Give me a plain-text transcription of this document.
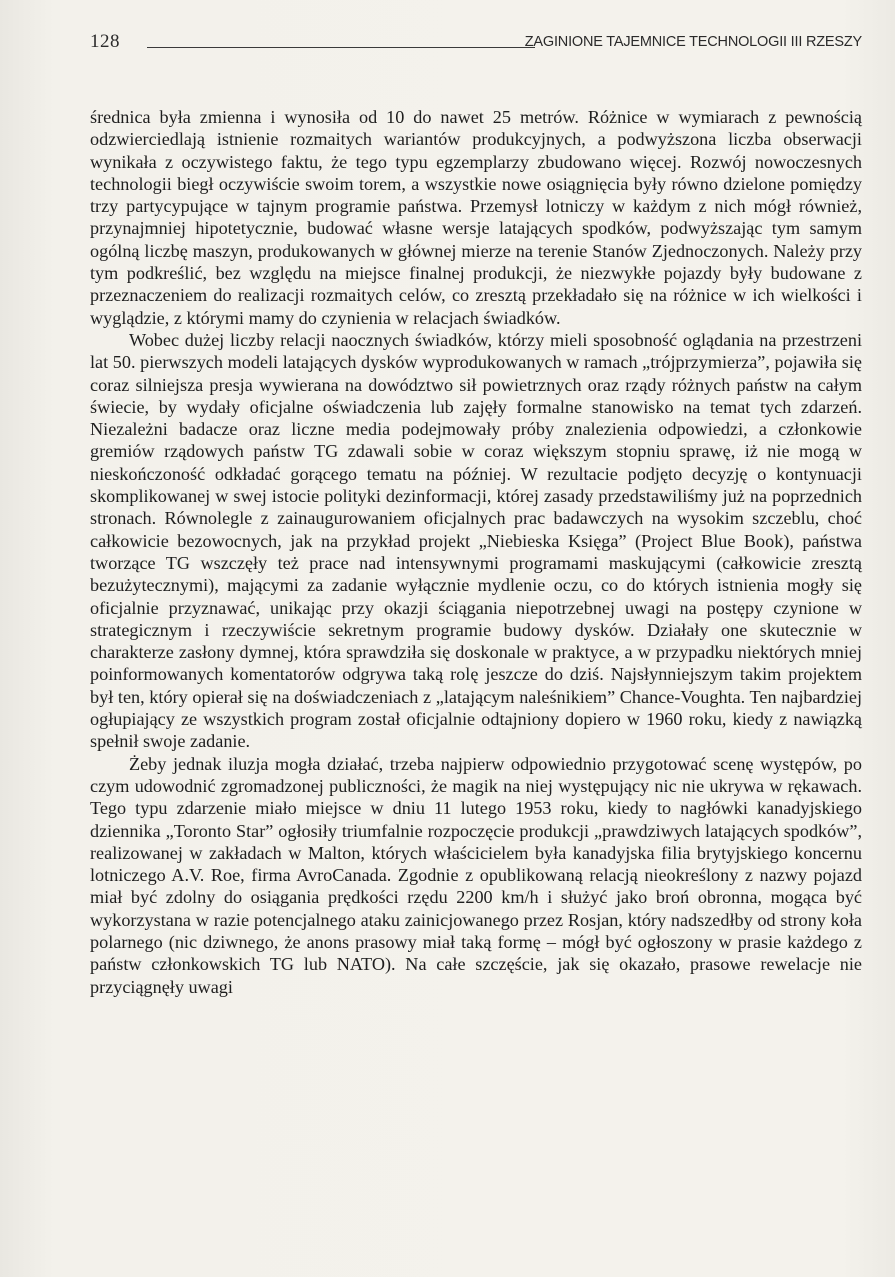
128	ZAGINIONE TAJEMNICE TECHNOLOGII III RZESZY

średnica była zmienna i wynosiła od 10 do nawet 25 metrów. Różnice w wymiarach z pewnością odzwierciedlają istnienie rozmaitych wariantów produkcyjnych, a podwyższona liczba obserwacji wynikała z oczywistego faktu, że tego typu egzemplarzy zbudowano więcej. Rozwój nowoczesnych technologii biegł oczywiście swoim torem, a wszystkie nowe osiągnięcia były równo dzielone pomiędzy trzy partycypujące w tajnym programie państwa. Przemysł lotniczy w każdym z nich mógł również, przynajmniej hipotetycznie, budować własne wersje latających spodków, podwyższając tym samym ogólną liczbę maszyn, produkowanych w głównej mierze na terenie Stanów Zjednoczonych. Należy przy tym podkreślić, bez względu na miejsce finalnej produkcji, że niezwykłe pojazdy były budowane z przeznaczeniem do realizacji rozmaitych celów, co zresztą przekładało się na różnice w ich wielkości i wyglądzie, z którymi mamy do czynienia w relacjach świadków.

Wobec dużej liczby relacji naocznych świadków, którzy mieli sposobność oglądania na przestrzeni lat 50. pierwszych modeli latających dysków wyprodukowanych w ramach „trójprzymierza”, pojawiła się coraz silniejsza presja wywierana na dowództwo sił powietrznych oraz rządy różnych państw na całym świecie, by wydały oficjalne oświadczenia lub zajęły formalne stanowisko na temat tych zdarzeń. Niezależni badacze oraz liczne media podejmowały próby znalezienia odpowiedzi, a członkowie gremiów rządowych państw TG zdawali sobie w coraz większym stopniu sprawę, iż nie mogą w nieskończoność odkładać gorącego tematu na później. W rezultacie podjęto decyzję o kontynuacji skomplikowanej w swej istocie polityki dezinformacji, której zasady przedstawiliśmy już na poprzednich stronach. Równolegle z zainaugurowaniem oficjalnych prac badawczych na wysokim szczeblu, choć całkowicie bezowocnych, jak na przykład projekt „Niebieska Księga” (Project Blue Book), państwa tworzące TG wszczęły też prace nad intensywnymi programami maskującymi (całkowicie zresztą bezużytecznymi), mającymi za zadanie wyłącznie mydlenie oczu, co do których istnienia mogły się oficjalnie przyznawać, unikając przy okazji ściągania niepotrzebnej uwagi na postępy czynione w strategicznym i rzeczywiście sekretnym programie budowy dysków. Działały one skutecznie w charakterze zasłony dymnej, która sprawdziła się doskonale w praktyce, a w przypadku niektórych mniej poinformowanych komentatorów odgrywa taką rolę jeszcze do dziś. Najsłynniejszym takim projektem był ten, który opierał się na doświadczeniach z „latającym naleśnikiem” Chance-Voughta. Ten najbardziej ogłupiający ze wszystkich program został oficjalnie odtajniony dopiero w 1960 roku, kiedy z nawiązką spełnił swoje zadanie.

Żeby jednak iluzja mogła działać, trzeba najpierw odpowiednio przygotować scenę występów, po czym udowodnić zgromadzonej publiczności, że magik na niej występujący nic nie ukrywa w rękawach. Tego typu zdarzenie miało miejsce w dniu 11 lutego 1953 roku, kiedy to nagłówki kanadyjskiego dziennika „Toronto Star” ogłosiły triumfalnie rozpoczęcie produkcji „prawdziwych latających spodków”, realizowanej w zakładach w Malton, których właścicielem była kanadyjska filia brytyjskiego koncernu lotniczego A.V. Roe, firma AvroCanada. Zgodnie z opublikowaną relacją nieokreślony z nazwy pojazd miał być zdolny do osiągania prędkości rzędu 2200 km/h i służyć jako broń obronna, mogąca być wykorzystana w razie potencjalnego ataku zainicjowanego przez Rosjan, który nadszedłby od strony koła polarnego (nic dziwnego, że anons prasowy miał taką formę – mógł być ogłoszony w prasie każdego z państw członkowskich TG lub NATO). Na całe szczęście, jak się okazało, prasowe rewelacje nie przyciągnęły uwagi
